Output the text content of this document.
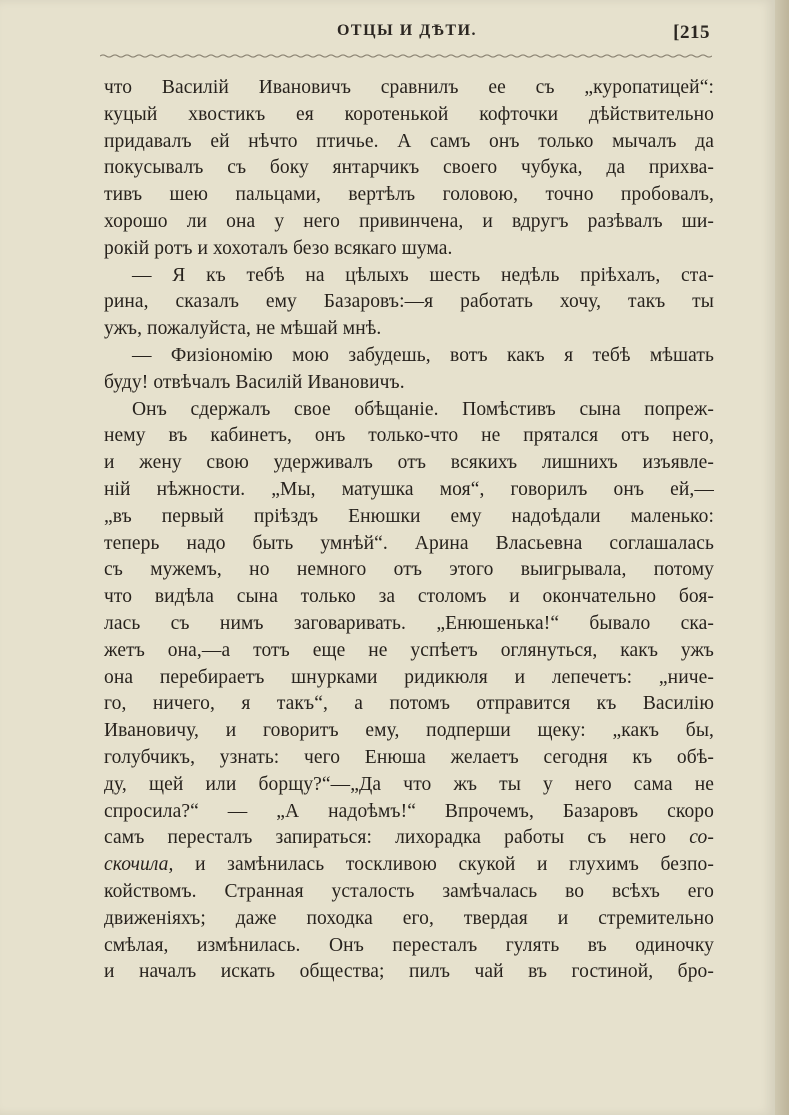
ОТЦЫ И ДѢТИ.	[215
что Василій Ивановичъ сравнилъ ее съ „куропатицей“:
куцый хвостикъ ея коротенькой кофточки дѣйствительно
придавалъ ей нѣчто птичье. А самъ онъ только мычалъ да
покусывалъ съ боку янтарчикъ своего чубука, да прихва-
тивъ шею пальцами, вертѣлъ головою, точно пробовалъ,
хорошо ли она у него привинчена, и вдругъ разѣвалъ ши-
рокій ротъ и хохоталъ безо всякаго шума.
— Я къ тебѣ на цѣлыхъ шесть недѣль пріѣхалъ, ста-
рина, сказалъ ему Базаровъ:—я работать хочу, такъ ты
ужъ, пожалуйста, не мѣшай мнѣ.
— Физіономію мою забудешь, вотъ какъ я тебѣ мѣшать
буду! отвѣчалъ Василій Ивановичъ.
Онъ сдержалъ свое обѣщаніе. Помѣстивъ сына попреж-
нему въ кабинетъ, онъ только-что не прятался отъ него,
и жену свою удерживалъ отъ всякихъ лишнихъ изъявле-
ній нѣжности. „Мы, матушка моя“, говорилъ онъ ей,—
„въ первый пріѣздъ Енюшки ему надоѣдали маленько:
теперь надо быть умнѣй“. Арина Власьевна соглашалась
съ мужемъ, но немного отъ этого выигрывала, потому
что видѣла сына только за столомъ и окончательно боя-
лась съ нимъ заговаривать. „Енюшенька!“ бывало ска-
жетъ она,—а тотъ еще не успѣетъ оглянуться, какъ ужъ
она перебираетъ шнурками ридикюля и лепечетъ: „ниче-
го, ничего, я такъ“, а потомъ отправится къ Василію
Ивановичу, и говоритъ ему, подперши щеку: „какъ бы,
голубчикъ, узнать: чего Енюша желаетъ сегодня къ обѣ-
ду, щей или борщу?“—„Да что жъ ты у него сама не
спросила?“ — „А надоѣмъ!“ Впрочемъ, Базаровъ скоро
самъ пересталъ запираться: лихорадка работы съ него со-
скочила, и замѣнилась тоскливою скукой и глухимъ безпо-
койствомъ. Странная усталость замѣчалась во всѣхъ его
движеніяхъ; даже походка его, твердая и стремительно
смѣлая, измѣнилась. Онъ пересталъ гулять въ одиночку
и началъ искать общества; пилъ чай въ гостиной, бро-
